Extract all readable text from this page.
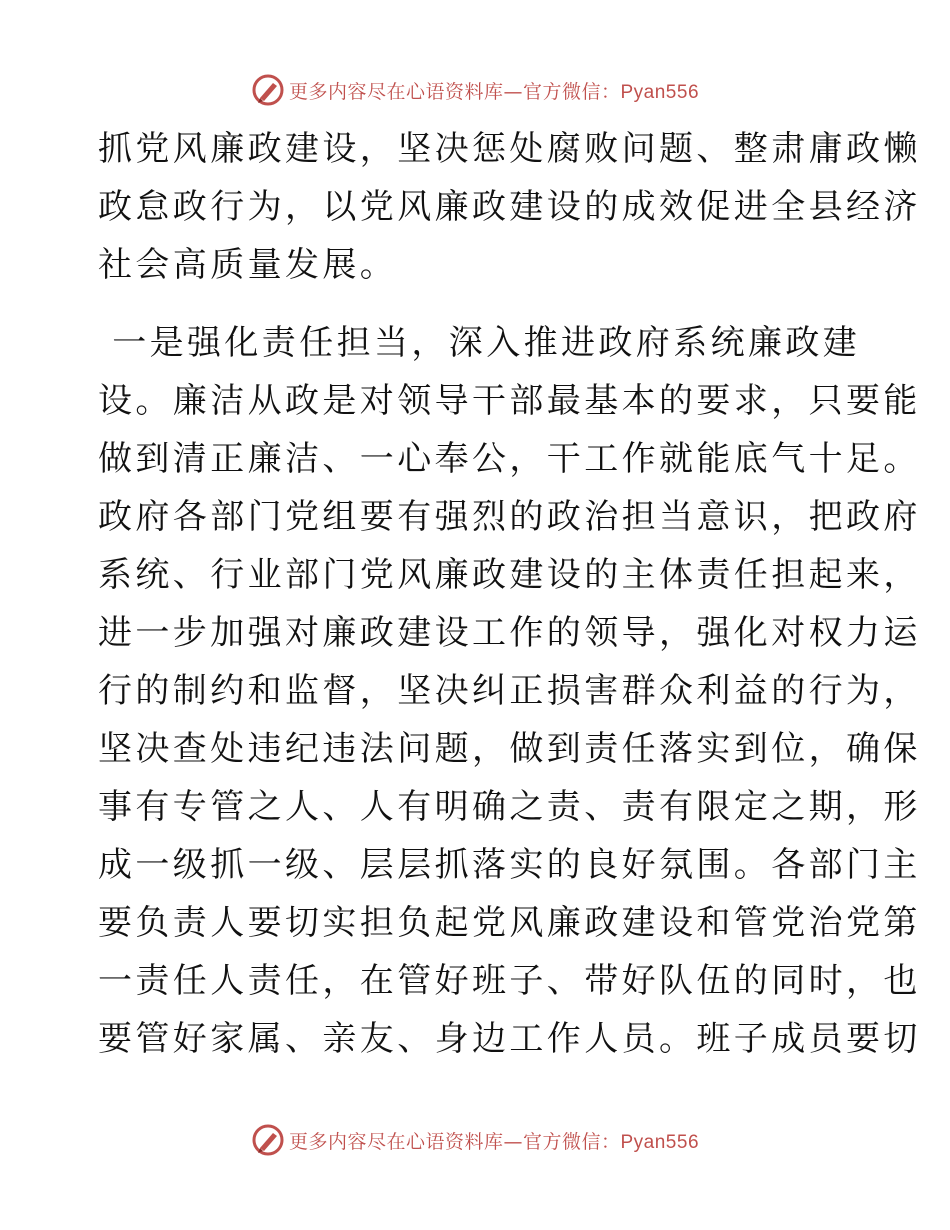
更多内容尽在心语资料库—官方微信：Pyan556
抓党风廉政建设，坚决惩处腐败问题、整肃庸政懒
政怠政行为，以党风廉政建设的成效促进全县经济
社会高质量发展。
一是强化责任担当，深入推进政府系统廉政建
设。廉洁从政是对领导干部最基本的要求，只要能
做到清正廉洁、一心奉公，干工作就能底气十足。
政府各部门党组要有强烈的政治担当意识，把政府
系统、行业部门党风廉政建设的主体责任担起来，
进一步加强对廉政建设工作的领导，强化对权力运
行的制约和监督，坚决纠正损害群众利益的行为，
坚决查处违纪违法问题，做到责任落实到位，确保
事有专管之人、人有明确之责、责有限定之期，形
成一级抓一级、层层抓落实的良好氛围。各部门主
要负责人要切实担负起党风廉政建设和管党治党第
一责任人责任，在管好班子、带好队伍的同时，也
要管好家属、亲友、身边工作人员。班子成员要切
更多内容尽在心语资料库—官方微信：Pyan556
